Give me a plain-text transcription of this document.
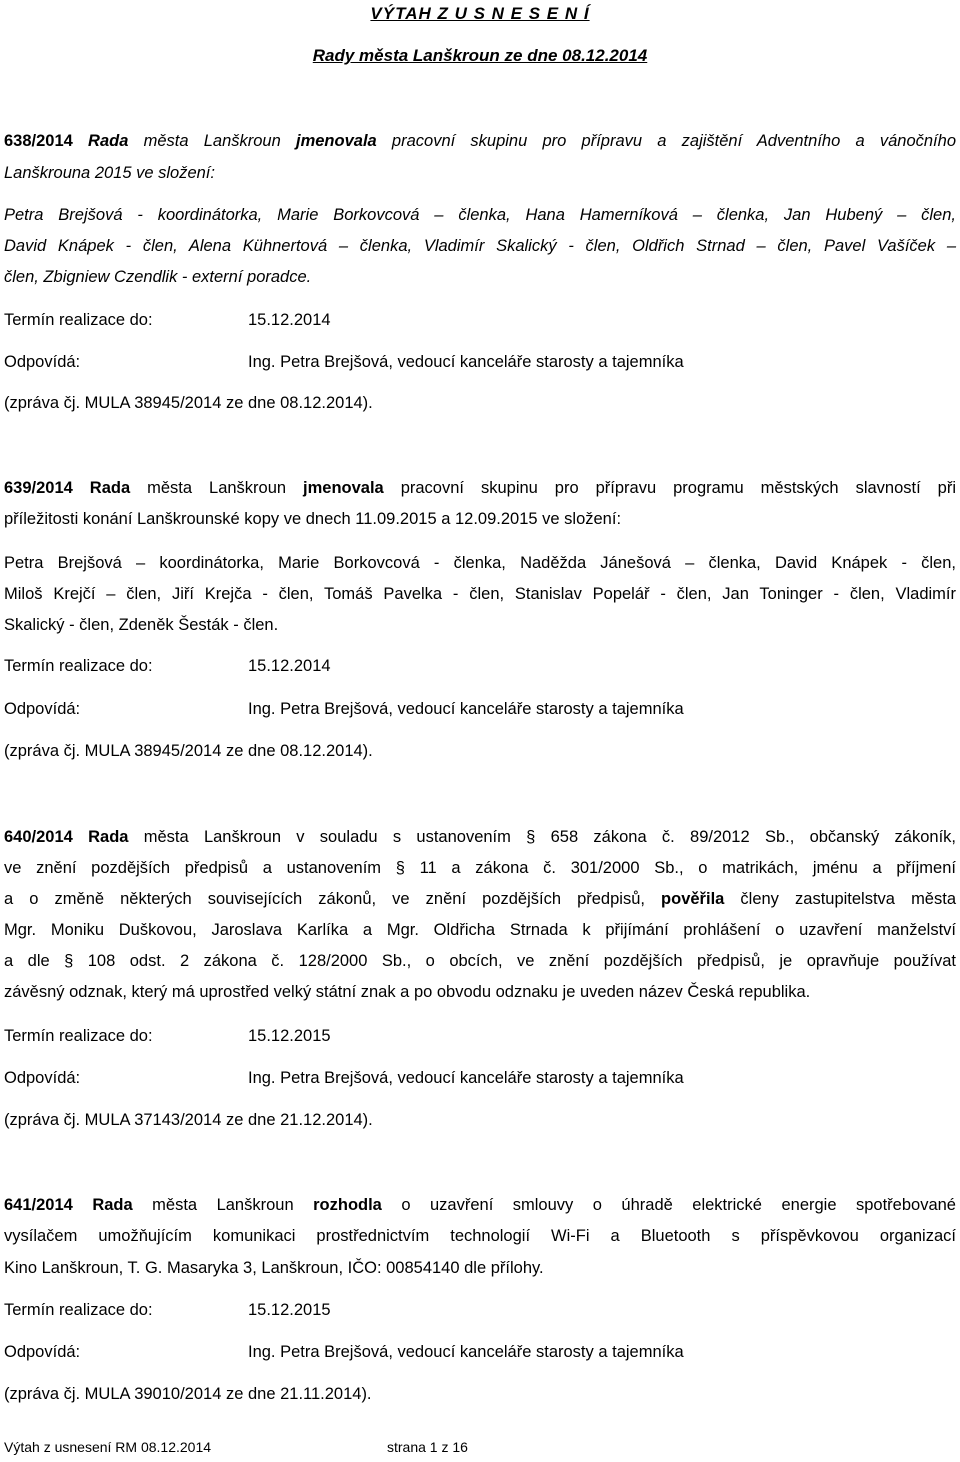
VÝTAH Z U S N E S E N Í
Rady města Lanškroun ze dne 08.12.2014
638/2014 Rada města Lanškroun jmenovala pracovní skupinu pro přípravu a zajištění Adventního a vánočního
Lanškrouna 2015 ve složení:
Petra Brejšová - koordinátorka, Marie Borkovcová – členka, Hana Hamerníková – členka, Jan Hubený – člen,
David Knápek - člen, Alena Kühnertová – členka, Vladimír Skalický - člen, Oldřich Strnad – člen, Pavel Vašíček –
člen, Zbigniew Czendlik - externí poradce.
Termín realizace do:	15.12.2014
Odpovídá:	Ing. Petra Brejšová, vedoucí kanceláře starosty a tajemníka
(zpráva čj. MULA 38945/2014 ze dne 08.12.2014).
639/2014 Rada města Lanškroun jmenovala pracovní skupinu pro přípravu programu městských slavností při
příležitosti konání Lanškrounské kopy ve dnech 11.09.2015 a 12.09.2015 ve složení:
Petra Brejšová – koordinátorka, Marie Borkovcová - členka, Naděžda Jánešová – členka, David Knápek - člen,
Miloš Krejčí – člen, Jiří Krejča - člen, Tomáš Pavelka - člen, Stanislav Popelář - člen, Jan Toninger - člen, Vladimír
Skalický - člen, Zdeněk Šesták - člen.
Termín realizace do:	15.12.2014
Odpovídá:	Ing. Petra Brejšová, vedoucí kanceláře starosty a tajemníka
(zpráva čj. MULA 38945/2014 ze dne 08.12.2014).
640/2014 Rada města Lanškroun v souladu s ustanovením § 658 zákona č. 89/2012 Sb., občanský zákoník,
ve znění pozdějších předpisů a ustanovením § 11 a zákona č. 301/2000 Sb., o matrikách, jménu a příjmení
a o změně některých souvisejících zákonů, ve znění pozdějších předpisů, pověřila členy zastupitelstva města
Mgr. Moniku Duškovou, Jaroslava Karlíka a Mgr. Oldřicha Strnada k přijímání prohlášení o uzavření manželství
a dle § 108 odst. 2 zákona č. 128/2000 Sb., o obcích, ve znění pozdějších předpisů, je opravňuje používat
závěsný odznak, který má uprostřed velký státní znak a po obvodu odznaku je uveden název Česká republika.
Termín realizace do:	15.12.2015
Odpovídá:	Ing. Petra Brejšová, vedoucí kanceláře starosty a tajemníka
(zpráva čj. MULA 37143/2014 ze dne 21.12.2014).
641/2014 Rada města Lanškroun rozhodla o uzavření smlouvy o úhradě elektrické energie spotřebované
vysílačem umožňujícím komunikaci prostřednictvím technologií Wi-Fi a Bluetooth s příspěvkovou organizací
Kino Lanškroun, T. G. Masaryka 3, Lanškroun, IČO: 00854140 dle přílohy.
Termín realizace do:	15.12.2015
Odpovídá:	Ing. Petra Brejšová, vedoucí kanceláře starosty a tajemníka
(zpráva čj. MULA 39010/2014 ze dne 21.11.2014).
Výtah z usnesení RM 08.12.2014	strana 1 z 16
